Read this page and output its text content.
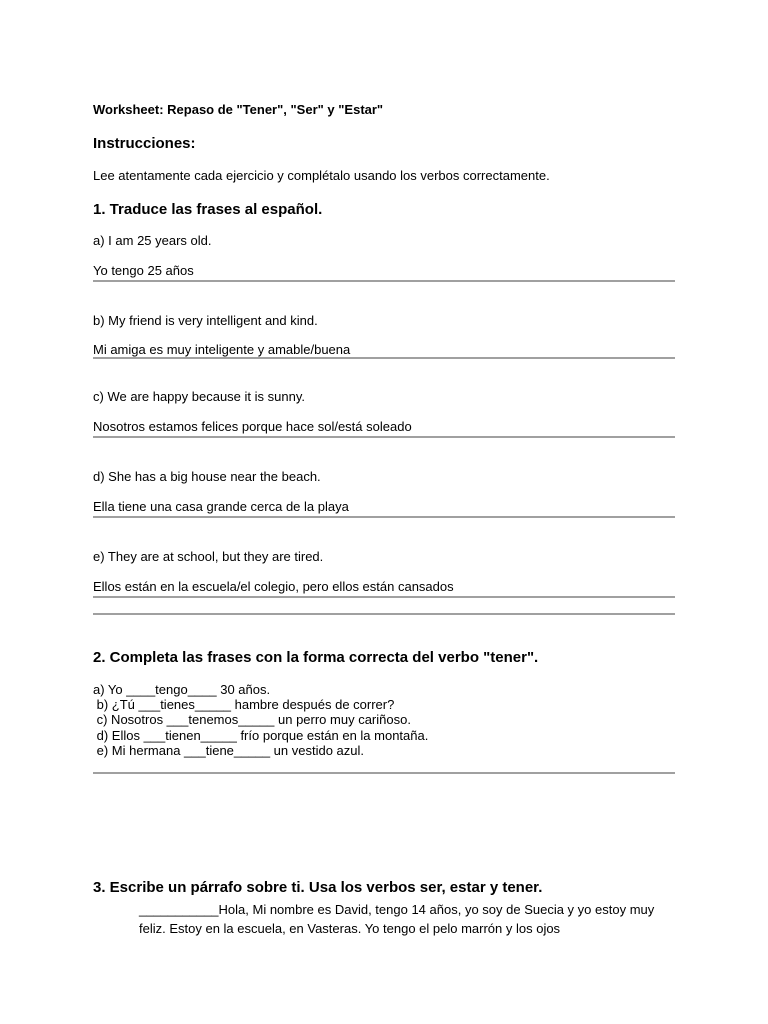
Worksheet: Repaso de "Tener", "Ser" y "Estar"
Instrucciones:
Lee atentamente cada ejercicio y complétalo usando los verbos correctamente.
1. Traduce las frases al español.
a) I am 25 years old.
Yo tengo 25 años
b) My friend is very intelligent and kind.
Mi amiga es muy inteligente y amable/buena
c) We are happy because it is sunny.
Nosotros estamos felices porque hace sol/está soleado
d) She has a big house near the beach.
Ella tiene una casa grande cerca de la playa
e) They are at school, but they are tired.
Ellos están en la escuela/el colegio, pero ellos están cansados
2. Completa las frases con la forma correcta del verbo "tener".
a) Yo ____tengo____ 30 años.
b) ¿Tú ___tienes_____ hambre después de correr?
c) Nosotros ___tenemos_____ un perro muy cariñoso.
d) Ellos ___tienen_____ frío porque están en la montaña.
e) Mi hermana ___tiene_____ un vestido azul.
3. Escribe un párrafo sobre ti. Usa los verbos ser, estar y tener.
___________Hola, Mi nombre es David, tengo 14 años, yo soy de Suecia y yo estoy muy feliz. Estoy en la escuela, en Vasteras. Yo tengo el pelo marrón y los ojos
